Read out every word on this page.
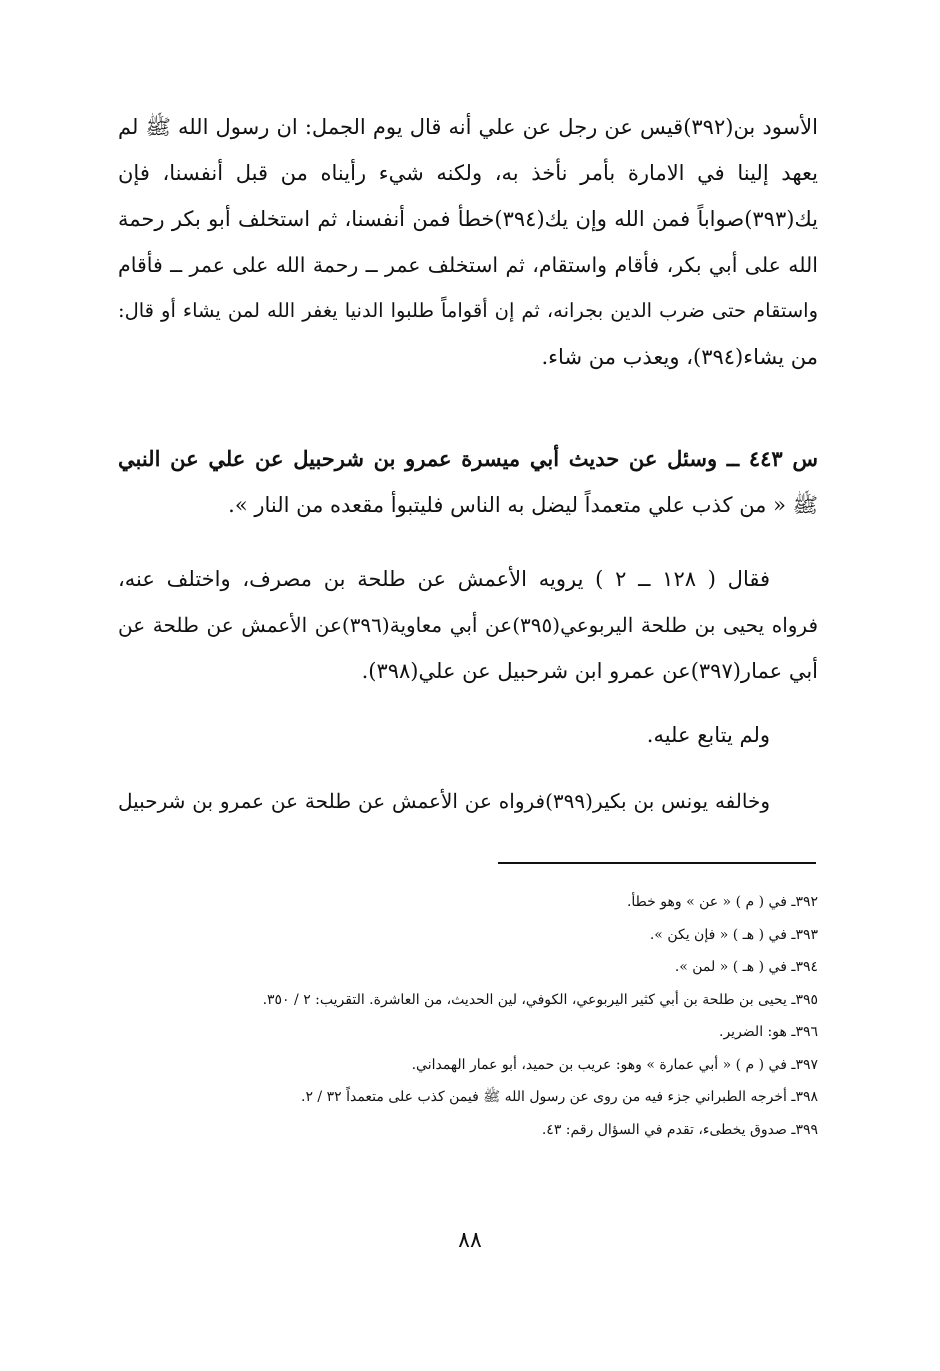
الأسود بن(٣٩٢)قيس عن رجل عن علي أنه قال يوم الجمل: ان رسول الله ﷺ لم
يعهد إلينا في الامارة بأمر نأخذ به، ولكنه شيء رأيناه من قبل أنفسنا، فإن
يك(٣٩٣)صواباً فمن الله وإن يك(٣٩٤)خطأ فمن أنفسنا، ثم استخلف أبو بكر رحمة
الله على أبي بكر، فأقام واستقام، ثم استخلف عمر ــ رحمة الله على عمر ــ فأقام
واستقام حتى ضرب الدين بجرانه، ثم إن أقواماً طلبوا الدنيا يغفر الله لمن يشاء أو قال:
من يشاء(٣٩٤)، ويعذب من شاء.
س ٤٤٣ ــ وسئل عن حديث أبي ميسرة عمرو بن شرحبيل عن علي عن النبي
ﷺ « من كذب علي متعمداً ليضل به الناس فليتبوأ مقعده من النار ».
فقال ( ١٢٨ ــ ٢ ) يرويه الأعمش عن طلحة بن مصرف، واختلف عنه،
فرواه يحيى بن طلحة اليربوعي(٣٩٥)عن أبي معاوية(٣٩٦)عن الأعمش عن طلحة عن
أبي عمار(٣٩٧)عن عمرو ابن شرحبيل عن علي(٣٩٨).
ولم يتابع عليه.
وخالفه يونس بن بكير(٣٩٩)فرواه عن الأعمش عن طلحة عن عمرو بن شرحبيل
٣٩٢ـ في ( م ) « عن » وهو خطأ.
٣٩٣ـ في ( هـ ) « فإن يكن ».
٣٩٤ـ في ( هـ ) « لمن ».
٣٩٥ـ يحيى بن طلحة بن أبي كثير اليربوعي، الكوفي، لين الحديث، من العاشرة. التقريب: ٢ / ٣٥٠.
٣٩٦ـ هو: الضرير.
٣٩٧ـ في ( م ) « أبي عمارة » وهو: عريب بن حميد، أبو عمار الهمداني.
٣٩٨ـ أخرجه الطبراني جزء فيه من روى عن رسول الله ﷺ فيمن كذب على متعمداً ٣٢ / ٢.
٣٩٩ـ صدوق يخطىء، تقدم في السؤال رقم: ٤٣.
٨٨
